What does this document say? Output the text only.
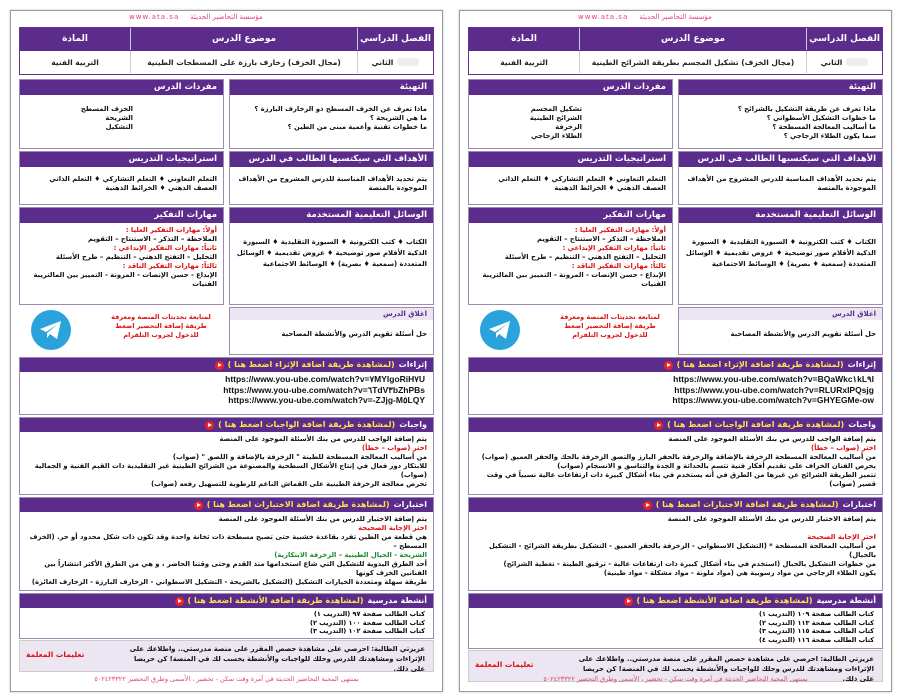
مؤسسة التحاضير الحديثة
www.ata.sa
الفصل الدراسي
موضوع الدرس
المادة
الثاني
(مجال الخزف) زخارف بارزة على المسطحات الطينية
التربية الفنية
التهيئة
ماذا تعرف عن الخزف المسطح ذو الزخارف البارزة ؟
ما هي الشريحة ؟
ما خطوات تقنية وأعمية مبنى من الطين ؟
مفردات الدرس
الخزف المسطح
الشريحة
التشكيل
الأهداف التي سيكتسبها الطالب في الدرس
يتم تحديد الأهداف المناسبة للدرس المشروح من الأهداف الموجودة بالمنصة
استراتيجيات التدريس
التعلم التعاوني ♦ التعلم التشاركي ♦ التعلم الذاتي العصف الذهني ♦ الخرائط الذهنية
الوسائل التعليمية المستخدمة
الكتاب ♦ كتب الكترونية ♦ السبورة التقليدية ♦ السبورة الذكية الأقلام صور توضيحية ♦ عروض تقديمية ♦ الوسائل المتعددة (سمعية ♦ بصرية) ♦ الوسائط الاجتماعية
مهارات التفكير
أولاً: مهارات التفكير العليا :
الملاحظة – التذكر – الاستنتاج – التقويم
ثانياً: مهارات التفكير الإبداعي :
التحليل – التفتح الذهني – التنظيم – طرح الأسئلة
ثالثاً: مهارات التفكير الناقد :
الإبداع - حسن الإنصات - المرونة - التمييز بين المالتريبة الفنيات
لمتابعة تحديثات المنصة ومعرفة طريقة إضافة التحضير اضغط للدخول لجروب التلقرام
اغلاق الدرس
حل أسئلة تقويم الدرس والأنشطة المصاحبة
إثراءات
(لمشاهدة طريقة اضافة الإثراء اضغط هنا )
https://www.you-ube.com/watch?v=٧MYlgoRiH٧U
https://www.you-ube.com/watch?v=٦TdV٣bZhPBs
https://www.you-ube.com/watch?v=-ZJjg-M٥LQY
واجبات
(لمشاهدة طريقة اضافة الواجبات اضغط هنا )
يتم إضافة الواجب للدرس من بنك الأسئلة الموجود على المنصة
اختر (صواب – خطأ)
من أساليب المعالجة المسطحة للطينة " الزخرفة بالإضافة و اللصق " (صواب)
للابتكار دور فعال في إنتاج الأشكال السطحية والمصنوعة من الشرائح الطينية غير التقليدية ذات القيم الفنية و الجمالية (صواب)
تحرص معالجة الزخرفة الطينية على القماش الناعم للرطوبة للتسهيل رفعه (صواب)
اختبارات
(لمشاهدة طريقة اضافة الاختبارات اضغط هنا )
يتم إضافة الاختبار للدرس من بنك الأسئلة الموجود على المنصة
اختر الإجابة الصحيحة
هي قطعة من الطين تفرد بقاعدة خشبية حتى تصبح مسطحة ذات ثخانة واحدة وقد تكون ذات شكل محدود أو حر. (الخزف المسطح –
الشريحة - الحبال الطينية – الزخرفة الابتكارية)
أحد الطرق اليدوية للتشكيل التي شاع استخدامها منذ القدم وحتى وقتنا الحاضر ، و هي من الطرق الأكثر انتشاراً بين الفنانين الخزف كونها
طريقة سهلة ومتعددة الخيارات التشكيل (التشكيل بالشريحة - التشكيل الاسطواني - الزخارف البارزة - الزخارف الغائرة)
أنشطة مدرسية
(لمشاهدة طريقة اضافة الأنشطة اضغط هنا )
كتاب الطالب صفحة ٩٧ (التدريب ١)
كتاب الطالب صفحة ١٠٠ (التدريب ٢)
كتاب الطالب صفحة ١٠٢ (التدريب ٣)
تعليمات المعلمة
عزيزتي الطالبة: احرصي على مشاهدة حصص المقرر على منصة مدرستي.. واطلاعك على الإثراءات ومشاهدتك للدرس وحلك للواجبات والأنشطة يحسب لك في المنصة! كن حريصا على ذلك.
بمنتهى المحبة التحاضير الحديثة في آمرة وقت سكن - تحضير ، الأسمى وطرق التحضير ٥٠٢٤٢٣٣٢٢
مؤسسة التحاضير الحديثة
www.ata.sa
الفصل الدراسي
موضوع الدرس
المادة
الثاني
(مجال الخزف) تشكيل المجسم بطريقة الشرائح الطينية
التربية الفنية
التهيئة
ماذا تعرف عن طريقة التشكيل بالشرائح ؟
ما خطوات التشكيل الأسطواني ؟
ما أساليب المعالجة المسطحة ؟
سما يكون الطلاء الزجاجي ؟
مفردات الدرس
تشكيل المجسم
الشرائح الطينية
الزخرفة
الطلاء الزجاجي
الأهداف التي سيكتسبها الطالب في الدرس
يتم تحديد الأهداف المناسبة للدرس المشروح من الأهداف الموجودة بالمنصة
استراتيجيات التدريس
التعلم التعاوني ♦ التعلم التشاركي ♦ التعلم الذاتي العصف الذهني ♦ الخرائط الذهنية
الوسائل التعليمية المستخدمة
الكتاب ♦ كتب الكترونية ♦ السبورة التقليدية ♦ السبورة الذكية الأقلام صور توضيحية ♦ عروض تقديمية ♦ الوسائل المتعددة (سمعية ♦ بصرية) ♦ الوسائط الاجتماعية
مهارات التفكير
أولاً: مهارات التفكير العليا :
الملاحظة – التذكر – الاستنتاج – التقويم
ثانياً: مهارات التفكير الإبداعي :
التحليل – التفتح الذهني – التنظيم – طرح الأسئلة
ثالثاً: مهارات التفكير الناقد :
الإبداع - حسن الإنصات - المرونة - التمييز بين المالتريبة الفنيات
لمتابعة تحديثات المنصة ومعرفة طريقة إضافة التحضير اضغط للدخول لجروب التلقرام
اغلاق الدرس
حل أسئلة تقويم الدرس والأنشطة المصاحبة
إثراءات
(لمشاهدة طريقة اضافة الإثراء اضغط هنا )
https://www.you-ube.com/watch?v=BQaWkc١kL٩I
https://www.you-ube.com/watch?v=RLURxIPQsjg
https://www.you-ube.com/watch?v=GHYEGMe-ow
واجبات
(لمشاهدة طريقة اضافة الواجبات اضغط هنا )
يتم إضافة الواجب للدرس من بنك الأسئلة الموجود على المنصة
اختر (صواب – خطأ)
من أساليب المعالجة المسطحة الزخرفة بالإضافة والزخرفة بالحفر البارز والتصق الزخرفة بالحك والحفر العميق (صواب)
يحرص الفنان الخزاف على تقديم أفكار فنية تتسم بالحداثة و الجدة والتناسق و الانسجام (صواب)
تتميز الطريقة الشرائح عن غيرها من الطرق في أنه يستخدم في بناء أشكال كبيرة ذات ارتفاعات عالية نسبياً في وقت قصير (صواب)
اختبارات
(لمشاهدة طريقة اضافة الاختبارات اضغط هنا )
يتم إضافة الاختبار للدرس من بنك الأسئلة الموجود على المنصة
اختر الإجابة الصحيحة
من أساليب المعالجة المسطحة * (التشكيل الاسطواني - الزخرفة بالحفر العميق - التشكيل بطريقة الشرائح - التشكيل بالحبال)
من خطوات التشكيل بالحبال (استخدم في بناء أشكال كبيرة ذات ارتفاعات عالية - ترقيق الطينة - تغطية الشرائح)
يكون الطلاء الزجاجي من مواد رسوبية هي (مواد ملونة - مواد مشكلة - مواد طينية)
أنشطة مدرسية
(لمشاهدة طريقة اضافة الأنشطة اضغط هنا )
كتاب الطالب صفحة ١٠٩ (التدريب ١)
كتاب الطالب صفحة ١١٣ (التدريب ٢)
كتاب الطالب صفحة ١١٥ (التدريب ٣)
كتاب الطالب صفحة ١١٦ (التدريب ٤)
تعليمات المعلمة
عزيزتي الطالبة: احرصي على مشاهدة حصص المقرر على منصة مدرستي.. واطلاعك على الإثراءات ومشاهدتك للدرس وحلك للواجبات والأنشطة يحسب لك في المنصة! كن حريصا على ذلك.
بمنتهى المحبة التحاضير الحديثة في آمرة وقت سكن - تحضير ، الأسمى وطرق التحضير ٥٠٢٤٢٣٣٢٢
